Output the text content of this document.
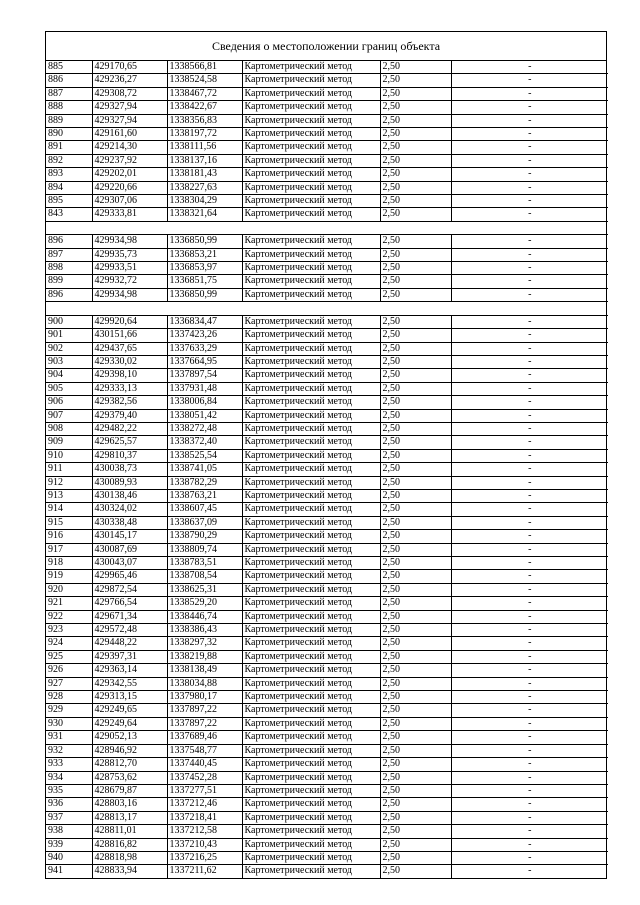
Сведения о местоположении границ объекта
885	429170,65	1338566,81	Картометрический метод	2,50	-
886	429236,27	1338524,58	Картометрический метод	2,50	-
887	429308,72	1338467,72	Картометрический метод	2,50	-
888	429327,94	1338422,67	Картометрический метод	2,50	-
889	429327,94	1338356,83	Картометрический метод	2,50	-
890	429161,60	1338197,72	Картометрический метод	2,50	-
891	429214,30	1338111,56	Картометрический метод	2,50	-
892	429237,92	1338137,16	Картометрический метод	2,50	-
893	429202,01	1338181,43	Картометрический метод	2,50	-
894	429220,66	1338227,63	Картометрический метод	2,50	-
895	429307,06	1338304,29	Картометрический метод	2,50	-
843	429333,81	1338321,64	Картометрический метод	2,50	-

896	429934,98	1336850,99	Картометрический метод	2,50	-
897	429935,73	1336853,21	Картометрический метод	2,50	-
898	429933,51	1336853,97	Картометрический метод	2,50	-
899	429932,72	1336851,75	Картометрический метод	2,50	-
896	429934,98	1336850,99	Картометрический метод	2,50	-

900	429920,64	1336834,47	Картометрический метод	2,50	-
901	430151,66	1337423,26	Картометрический метод	2,50	-
902	429437,65	1337633,29	Картометрический метод	2,50	-
903	429330,02	1337664,95	Картометрический метод	2,50	-
904	429398,10	1337897,54	Картометрический метод	2,50	-
905	429333,13	1337931,48	Картометрический метод	2,50	-
906	429382,56	1338006,84	Картометрический метод	2,50	-
907	429379,40	1338051,42	Картометрический метод	2,50	-
908	429482,22	1338272,48	Картометрический метод	2,50	-
909	429625,57	1338372,40	Картометрический метод	2,50	-
910	429810,37	1338525,54	Картометрический метод	2,50	-
911	430038,73	1338741,05	Картометрический метод	2,50	-
912	430089,93	1338782,29	Картометрический метод	2,50	-
913	430138,46	1338763,21	Картометрический метод	2,50	-
914	430324,02	1338607,45	Картометрический метод	2,50	-
915	430338,48	1338637,09	Картометрический метод	2,50	-
916	430145,17	1338790,29	Картометрический метод	2,50	-
917	430087,69	1338809,74	Картометрический метод	2,50	-
918	430043,07	1338783,51	Картометрический метод	2,50	-
919	429965,46	1338708,54	Картометрический метод	2,50	-
920	429872,54	1338625,31	Картометрический метод	2,50	-
921	429766,54	1338529,20	Картометрический метод	2,50	-
922	429671,34	1338446,74	Картометрический метод	2,50	-
923	429572,48	1338386,43	Картометрический метод	2,50	-
924	429448,22	1338297,32	Картометрический метод	2,50	-
925	429397,31	1338219,88	Картометрический метод	2,50	-
926	429363,14	1338138,49	Картометрический метод	2,50	-
927	429342,55	1338034,88	Картометрический метод	2,50	-
928	429313,15	1337980,17	Картометрический метод	2,50	-
929	429249,65	1337897,22	Картометрический метод	2,50	-
930	429249,64	1337897,22	Картометрический метод	2,50	-
931	429052,13	1337689,46	Картометрический метод	2,50	-
932	428946,92	1337548,77	Картометрический метод	2,50	-
933	428812,70	1337440,45	Картометрический метод	2,50	-
934	428753,62	1337452,28	Картометрический метод	2,50	-
935	428679,87	1337277,51	Картометрический метод	2,50	-
936	428803,16	1337212,46	Картометрический метод	2,50	-
937	428813,17	1337218,41	Картометрический метод	2,50	-
938	428811,01	1337212,58	Картометрический метод	2,50	-
939	428816,82	1337210,43	Картометрический метод	2,50	-
940	428818,98	1337216,25	Картометрический метод	2,50	-
941	428833,94	1337211,62	Картометрический метод	2,50	-
